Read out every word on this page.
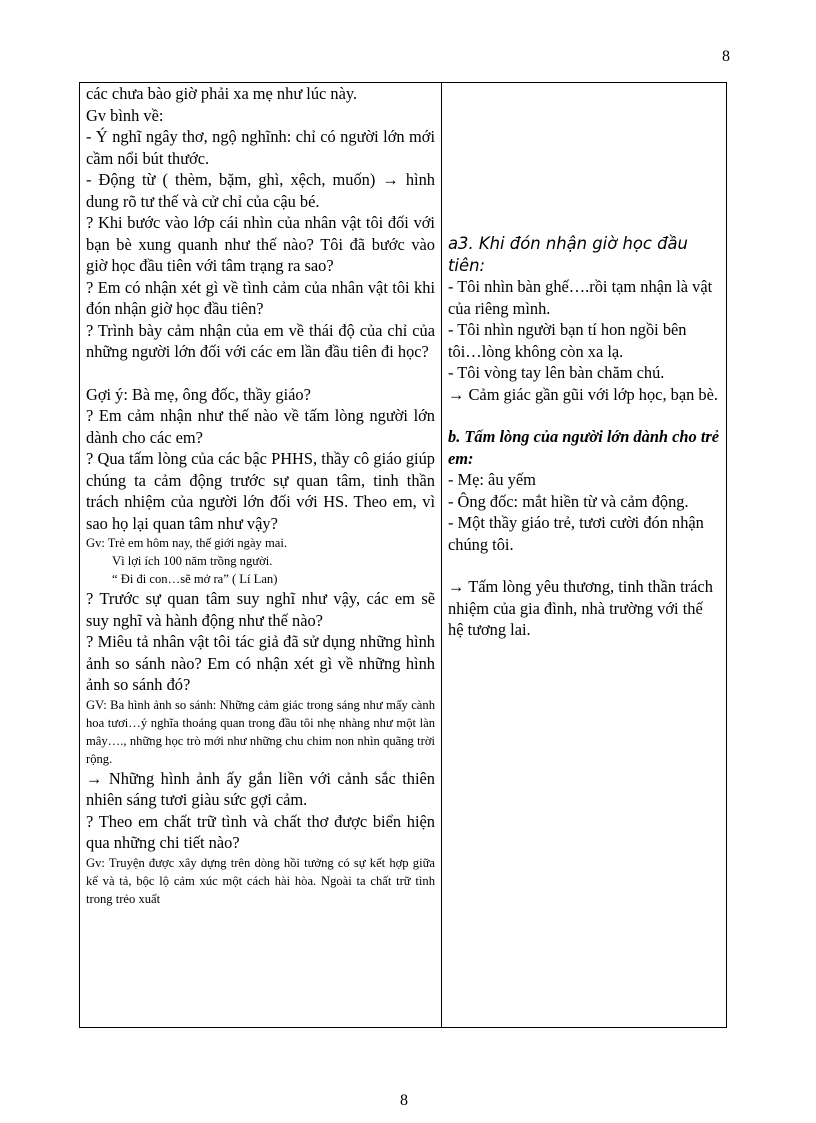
8

các chưa bào giờ phải xa mẹ như lúc này.

Gv bình về:

- Ý nghĩ ngây thơ, ngộ nghĩnh: chỉ có người lớn mới cầm nổi bút thước.

- Động từ ( thèm, bặm, ghì, xệch, muốn) → hình dung rõ tư thế và cử chỉ của cậu bé.

? Khi bước vào lớp cái nhìn của nhân vật tôi đối với bạn bè xung quanh như thế nào? Tôi đã bước vào giờ học đầu tiên với tâm trạng ra sao?

? Em có nhận xét gì về tình cảm của nhân vật tôi khi đón nhận giờ học đầu tiên?

? Trình bày cảm nhận của em về thái độ của chỉ của những người lớn đối với các em lần đầu tiên đi học?

Gợi ý: Bà mẹ, ông đốc, thầy giáo?

? Em cảm nhận như thế nào về tấm lòng người lớn dành cho các em?

? Qua tấm lòng của các bậc PHHS, thầy cô giáo giúp chúng ta cảm động trước sự quan tâm, tinh thần trách nhiệm của người lớn đối với HS. Theo em, vì sao họ lại quan tâm như vậy?

Gv: Trẻ em hôm nay, thế giới ngày mai.

Vì lợi ích 100 năm trồng người.

“ Đi đi con…sẽ mở ra” ( Lí Lan)

? Trước sự quan tâm suy nghĩ như vậy, các em sẽ suy nghĩ và hành động như thế nào?

? Miêu tả nhân vật tôi tác giả đã sử dụng những hình ảnh so sánh nào? Em có nhận xét gì về những hình ảnh so sánh đó?

GV: Ba hình ảnh so sánh: Những cảm giác trong sáng như mấy cành hoa tươi…ý nghĩa thoáng quan trong đầu tôi nhẹ nhàng như một làn mây…., những học trò mới như những chu chim non nhìn quãng trời rộng.

→ Những hình ảnh ấy gắn liền với cảnh sắc thiên nhiên sáng tươi giàu sức gợi cảm.

? Theo em chất trữ tình và chất thơ được biển hiện qua những chi tiết nào?

Gv: Truyện được xây dựng trên dòng hồi tưởng có sự kết hợp giữa kể và tả, bộc lộ cảm xúc một cách hài hòa. Ngoài ta chất trữ tình trong trẻo xuất

a3. Khi đón nhận giờ học đầu tiên:

- Tôi nhìn bàn ghế….rồi tạm nhận là vật của riêng mình.

- Tôi nhìn người bạn tí hon ngồi bên tôi…lòng không còn xa lạ.

- Tôi vòng tay lên bàn chăm chú.

→ Cảm giác gần gũi với lớp học, bạn bè.

b. Tấm lòng của người lớn dành cho trẻ em:

- Mẹ: âu yếm

- Ông đốc: mắt hiền từ và cảm động.

- Một thầy giáo trẻ, tươi cười đón nhận chúng tôi.

→ Tấm lòng yêu thương, tinh thần trách nhiệm của gia đình, nhà trường với thế hệ tương lai.

8
